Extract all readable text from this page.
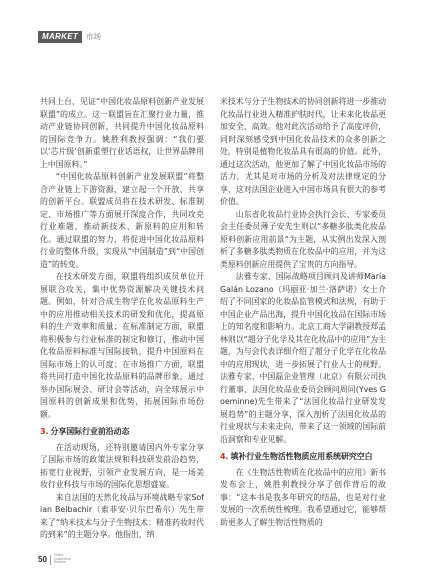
MARKET	市场

共同上台，见证“中国化妆品原料创新产业发展联盟”的成立。这一联盟旨在汇聚行业力量，推动产业链协同创新，共同提升中国化妆品原料的国际竞争力。姚胜利教授强调：“我们要以‘芯片级’创新重塑行业话语权，让世界品牌用上中国原料。”

“中国化妆品原料创新产业发展联盟”将整合产业链上下游资源，建立起一个开放、共享的创新平台。联盟成员将在技术研发、标准制定、市场推广等方面展开深度合作，共同攻克行业难题，推动新技术、新原料的应用和转化。通过联盟的努力，将促进中国化妆品原料行业的整体升级，实现从“中国制造”到“中国创造”的转变。

在技术研发方面，联盟将组织成员单位开展联合攻关，集中优势资源解决关键技术问题。例如，针对合成生物学在化妆品原料生产中的应用推动相关技术的研发和优化，提高原料的生产效率和质量；在标准制定方面，联盟将积极参与行业标准的制定和修订，推动中国化妆品原料标准与国际接轨，提升中国原料在国际市场上的认可度；在市场推广方面，联盟将共同打造中国化妆品原料的品牌形象，通过举办国际展会、研讨会等活动，向全球展示中国原料的创新成果和优势，拓展国际市场份额。

3. 分享国际行业前沿动态

在活动现场，还特别邀请国内外专家分享了国际市场的政策法规和科技研发前沿趋势，拓宽行业视野，引领产业发展方向，是一场美妆行业科技与市场的国际化思想盛宴。

来自法国的天然化妆品与环境战略专家Sofian Belbachir（索菲安·贝尔巴希尔）先生带来了“纳米技术与分子生物技术：精准药妆时代的到来”的主题分享。他指出，纳

米技术与分子生物技术的协同创新将进一步推动化妆品行业进入精准护肤时代，让未来化妆品更加安全、高效。他对此次活动给予了高度评价，同时深刻感受到中国化妆品技术的众多创新之处，特别是植物化妆品具有很高的价值。此外，通过这次活动，他更加了解了中国化妆品市场的活力，尤其是对市场的分析及对法律规定的分享，这对法国企业进入中国市场具有很大的参考价值。

山东省化妆品行业协会执行会长、专家委员会主任委员薄子安先生则以“多糖多肽类化妆品原料创新应用前景”为主题，从实例出发深入剖析了多糖多肽类物质在化妆品中的应用，并为这类原料创新应用提供了宝贵的方向指导。

法雅专家、国际战略项目顾问及讲师María Galán Lozano（玛丽亚·加兰·洛萨诺）女士介绍了不同国家的化妆品监管模式和法规，有助于中国企业产品出海，提升中国化妆品在国际市场上的知名度和影响力。北京工商大学副教授郑孟林则以“超分子化学及其在化妆品中的应用”为主题，为与会代表详细介绍了超分子化学在化妆品中的应用现状，进一步拓展了行业人士的视野。法雅专家、中国磊企业管理（北京）有限公司执行董事、法国化妆品业委员会顾问周同(Yves Goeminne)先生带来了“法国化妆品行业研发发展趋势”的主题分享，深入剖析了法国化妆品的行业现状与未来走向，带来了这一领域的国际前沿洞察和专业见解。

4. 填补行业生物活性物质应用系统研究空白

在《生物活性物质在化妆品中的应用》新书发布会上，姚胜利教授分享了创作背后的故事：“这本书是我多年研究的结晶，也是对行业发展的一次系统性梳理。我希望通过它，能够帮助更多人了解生物活性物质的

50
China
Cosmetics
Review
